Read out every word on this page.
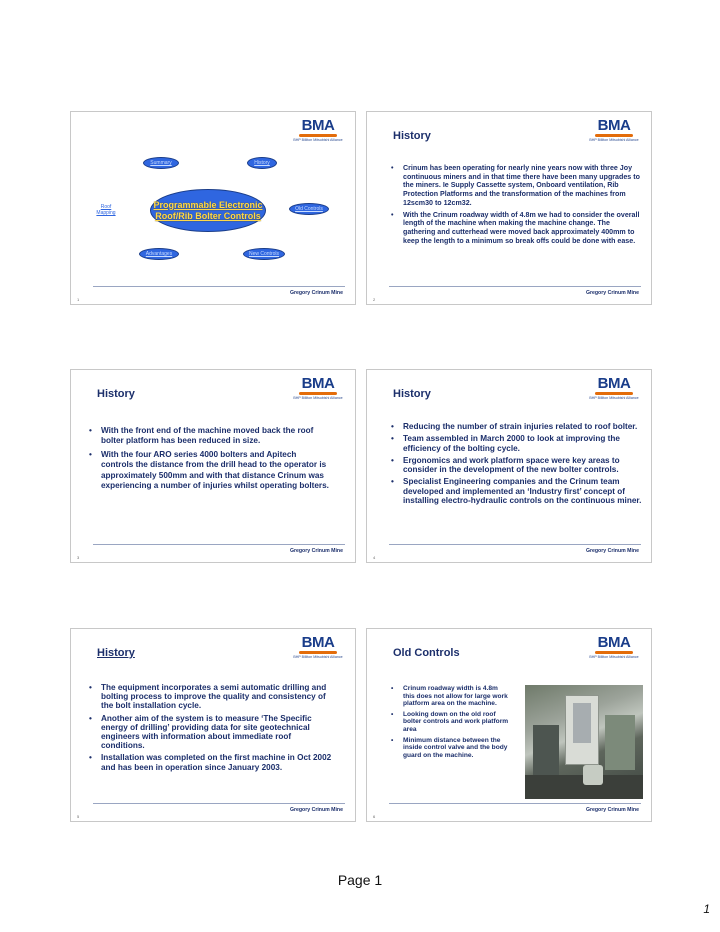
BMA
BHP Billiton Mitsubishi Alliance
Summary	History
Roof
Mapping
Programmable Electronic
Roof/Rib Bolter Controls
Old Controls
Advantages	New Controls
Gregory Crinum Mine
1
BMA
BHP Billiton Mitsubishi Alliance
History
• Crinum has been operating for nearly nine years now with three Joy continuous miners and in that time there have been many upgrades to the miners. Ie Supply Cassette system, Onboard ventilation, Rib Protection Platforms and the transformation of the machines from 12scm30 to 12cm32.
• With the Crinum roadway width of 4.8m we had to consider the overall length of the machine when making the machine change. The gathering and cutterhead were moved back approximately 400mm to keep the length to a minimum so break offs could be done with ease.
Gregory Crinum Mine
2
BMA
BHP Billiton Mitsubishi Alliance
History
• With the front end of the machine moved back the roof bolter platform has been reduced in size.
• With the four ARO series 4000 bolters and Apitech controls the distance from the drill head to the operator is approximately 500mm and with that distance Crinum was experiencing a number of injuries whilst operating bolters.
Gregory Crinum Mine
3
BMA
BHP Billiton Mitsubishi Alliance
History
• Reducing the number of strain injuries related to roof bolter.
• Team assembled in March 2000 to look at improving the efficiency of the bolting cycle.
• Ergonomics and work platform space were key areas to consider in the development of the new bolter controls.
• Specialist Engineering companies and the Crinum team developed and implemented an ‘Industry first’ concept of installing electro-hydraulic controls on the continuous miner.
Gregory Crinum Mine
4
BMA
BHP Billiton Mitsubishi Alliance
History
• The equipment incorporates a semi automatic drilling and bolting process to improve the quality and consistency of the bolt installation cycle.
• Another aim of the system is to measure ‘The Specific energy of drilling’ providing data for site geotechnical engineers with information about immediate roof conditions.
• Installation was completed on the first machine in Oct 2002 and has been in operation since January 2003.
Gregory Crinum Mine
5
BMA
BHP Billiton Mitsubishi Alliance
Old Controls
• Crinum roadway width is 4.8m this does not allow for large work platform area on the machine.
• Looking down on the old roof bolter controls and work platform area
• Minimum distance between the inside control valve and the body guard on the machine.
Gregory Crinum Mine
6
Page 1
1
